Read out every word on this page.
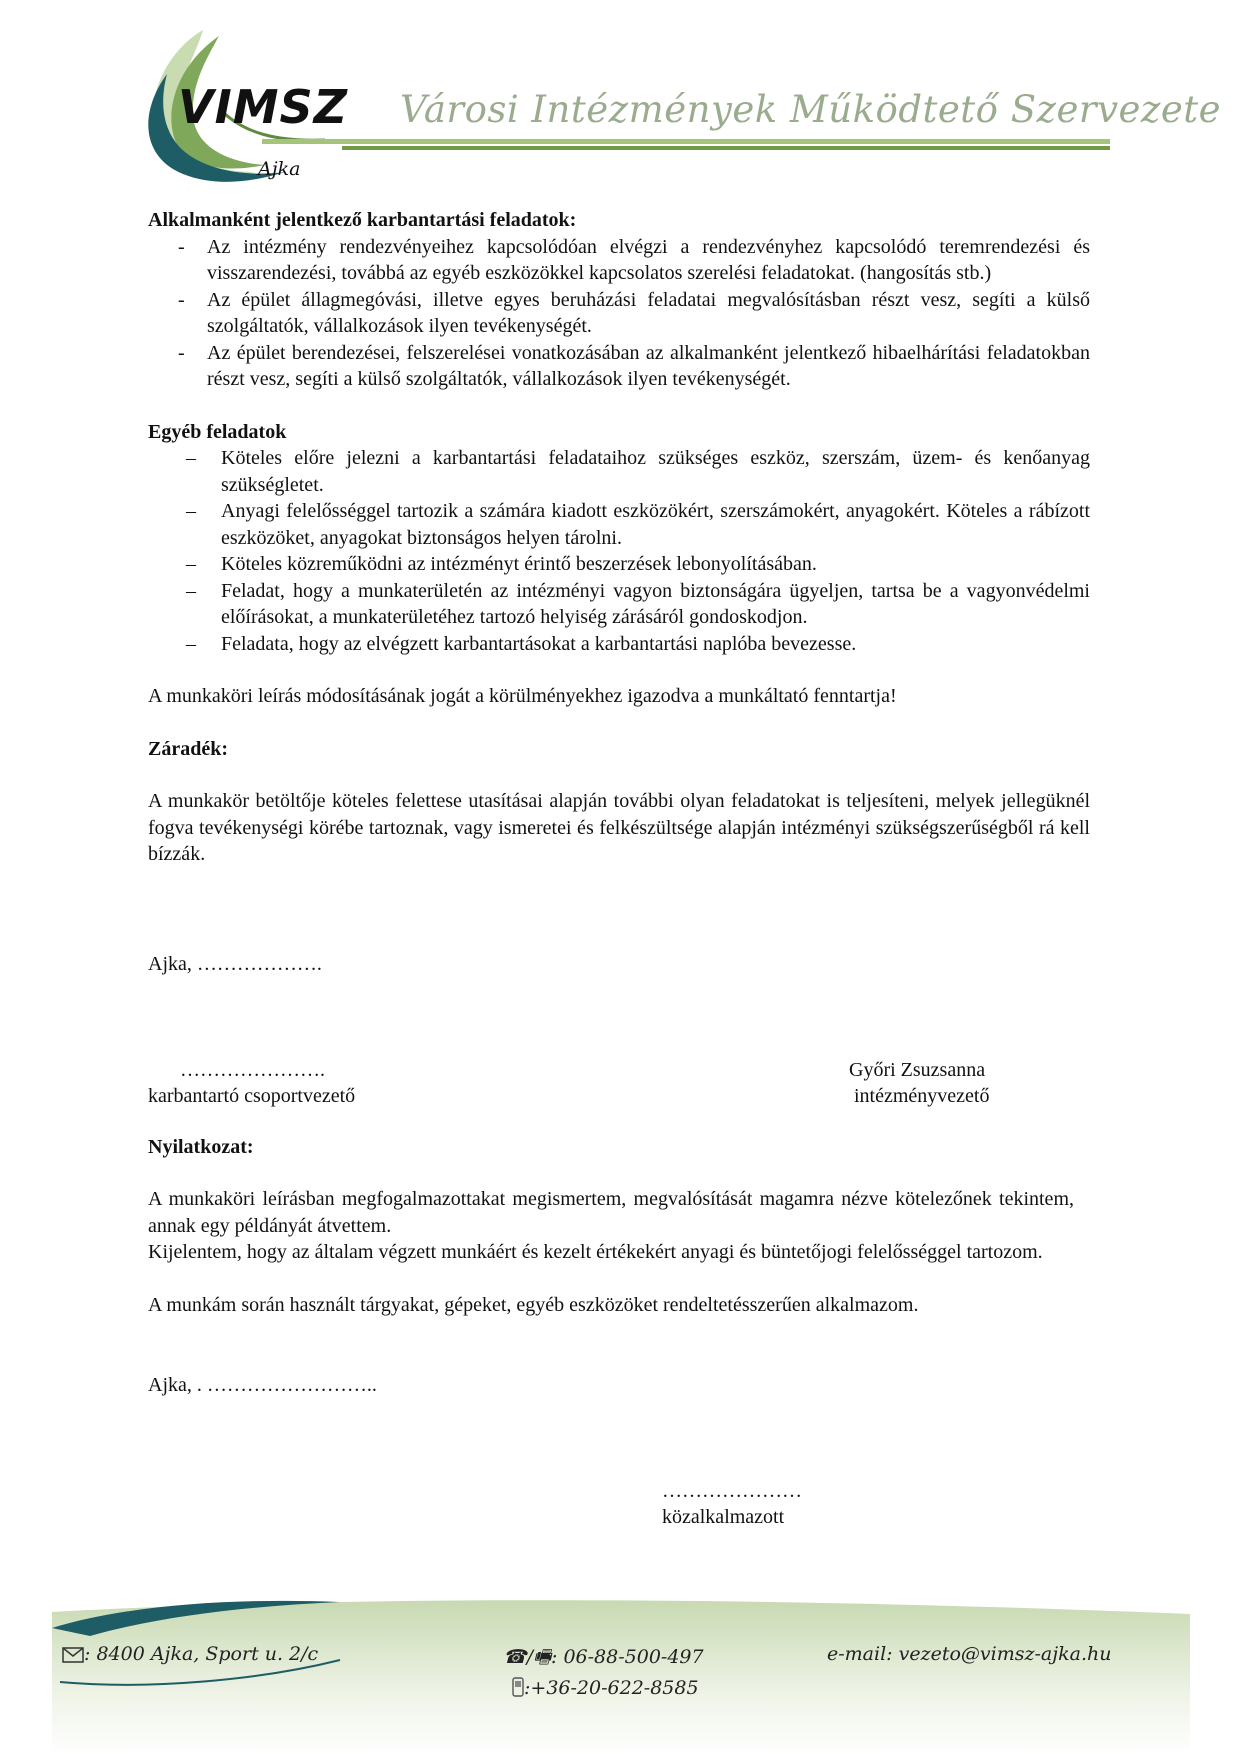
VIMSZ
Ajka
Városi Intézmények Működtető Szervezete

Alkalmanként jelentkező karbantartási feladatok:

- Az intézmény rendezvényeihez kapcsolódóan elvégzi a rendezvényhez kapcsolódó teremrendezési és visszarendezési, továbbá az egyéb eszközökkel kapcsolatos szerelési feladatokat. (hangosítás stb.)
- Az épület állagmegóvási, illetve egyes beruházási feladatai megvalósításban részt vesz, segíti a külső szolgáltatók, vállalkozások ilyen tevékenységét.
- Az épület berendezései, felszerelései vonatkozásában az alkalmanként jelentkező hibaelhárítási feladatokban részt vesz, segíti a külső szolgáltatók, vállalkozások ilyen tevékenységét.

Egyéb feladatok

– Köteles előre jelezni a karbantartási feladataihoz szükséges eszköz, szerszám, üzem- és kenőanyag szükségletet.
– Anyagi felelősséggel tartozik a számára kiadott eszközökért, szerszámokért, anyagokért. Köteles a rábízott eszközöket, anyagokat biztonságos helyen tárolni.
– Köteles közreműködni az intézményt érintő beszerzések lebonyolításában.
– Feladat, hogy a munkaterületén az intézményi vagyon biztonságára ügyeljen, tartsa be a vagyonvédelmi előírásokat, a munkaterületéhez tartozó helyiség zárásáról gondoskodjon.
– Feladata, hogy az elvégzett karbantartásokat a karbantartási naplóba bevezesse.

A munkaköri leírás módosításának jogát a körülményekhez igazodva a munkáltató fenntartja!

Záradék:

A munkakör betöltője köteles felettese utasításai alapján további olyan feladatokat is teljesíteni, melyek jellegüknél fogva tevékenységi körébe tartoznak, vagy ismeretei és felkészültsége alapján intézményi szükségszerűségből rá kell bízzák.

Ajka, ……………….
………………….
karbantartó csoportvezető
Győri Zsuzsanna
intézményvezető
Nyilatkozat:

A munkaköri leírásban megfogalmazottakat megismertem, megvalósítását magamra nézve kötelezőnek tekintem, annak egy példányát átvettem.

Kijelentem, hogy az általam végzett munkáért és kezelt értékekért anyagi és büntetőjogi felelősséggel tartozom.

A munkám során használt tárgyakat, gépeket, egyéb eszközöket rendeltetésszerűen alkalmazom.

Ajka, . ……………………..
…………………
közalkalmazott
: 8400 Ajka, Sport u. 2/c	☎/🖷: 06-88-500-497
:+36-20-622-8585
e-mail: vezeto@vimsz-ajka.hu
